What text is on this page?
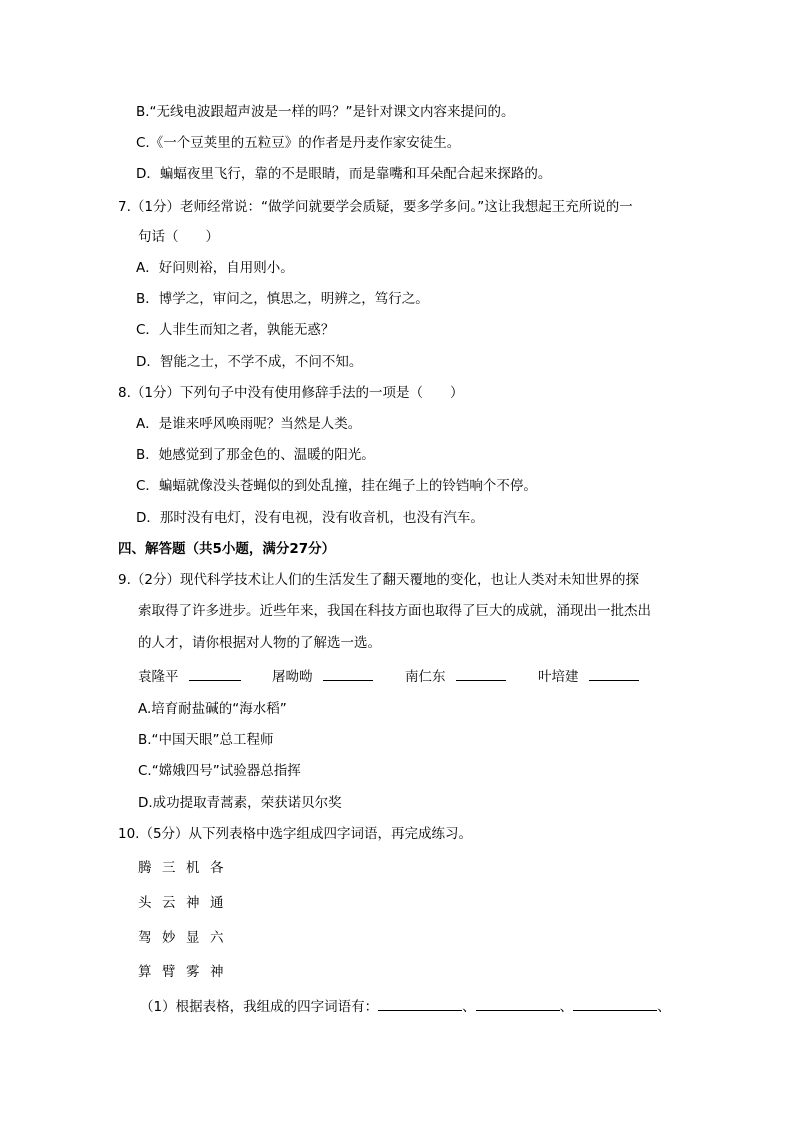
B.“无线电波跟超声波是一样的吗？”是针对课文内容来提问的。
C.《一个豆荚里的五粒豆》的作者是丹麦作家安徒生。
D．蝙蝠夜里飞行，靠的不是眼睛，而是靠嘴和耳朵配合起来探路的。
7.（1分）老师经常说：“做学问就要学会质疑，要多学多问。”这让我想起王充所说的一
句话（　　）
A．好问则裕，自用则小。
B．博学之，审问之，慎思之，明辨之，笃行之。
C．人非生而知之者，孰能无惑？
D．智能之士，不学不成，不问不知。
8.（1分）下列句子中没有使用修辞手法的一项是（　　）
A．是谁来呼风唤雨呢？当然是人类。
B．她感觉到了那金色的、温暖的阳光。
C．蝙蝠就像没头苍蝇似的到处乱撞，挂在绳子上的铃铛响个不停。
D．那时没有电灯，没有电视，没有收音机，也没有汽车。
四、解答题（共5小题，满分27分）
9.（2分）现代科学技术让人们的生活发生了翻天覆地的变化，也让人类对未知世界的探
索取得了许多进步。近些年来，我国在科技方面也取得了巨大的成就，涌现出一批杰出
的人才，请你根据对人物的了解选一选。
袁隆平	屠呦呦	南仁东	叶培建
A.培育耐盐碱的“海水稻”
B.“中国天眼”总工程师
C.“嫦娥四号”试验器总指挥
D.成功提取青蒿素，荣获诺贝尔奖
10.（5分）从下列表格中选字组成四字词语，再完成练习。
腾 三 机 各
头 云 神 通
驾 妙 显 六
算 臂 雾 神
（1）根据表格，我组成的四字词语有：	、	、	、
